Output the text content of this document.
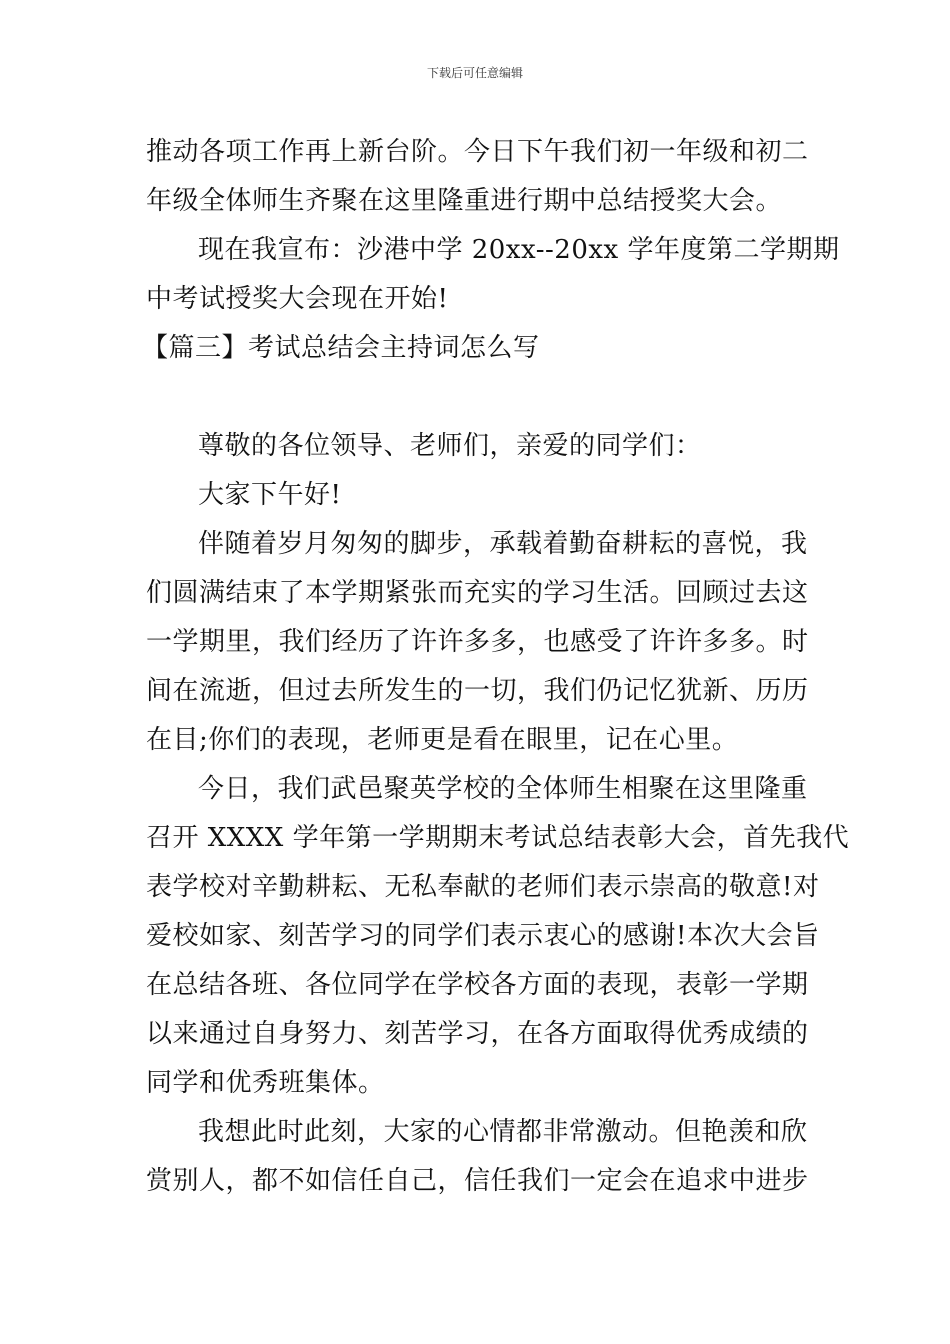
下载后可任意编辑
推动各项工作再上新台阶。今日下午我们初一年级和初二
年级全体师生齐聚在这里隆重进行期中总结授奖大会。
现在我宣布：沙港中学 20xx--20xx 学年度第二学期期
中考试授奖大会现在开始!
【篇三】考试总结会主持词怎么写
尊敬的各位领导、老师们，亲爱的同学们：
大家下午好!
伴随着岁月匆匆的脚步，承载着勤奋耕耘的喜悦，我
们圆满结束了本学期紧张而充实的学习生活。回顾过去这
一学期里，我们经历了许许多多，也感受了许许多多。时
间在流逝，但过去所发生的一切，我们仍记忆犹新、历历
在目;你们的表现，老师更是看在眼里，记在心里。
今日，我们武邑聚英学校的全体师生相聚在这里隆重
召开 XXXX 学年第一学期期末考试总结表彰大会，首先我代
表学校对辛勤耕耘、无私奉献的老师们表示崇高的敬意!对
爱校如家、刻苦学习的同学们表示衷心的感谢!本次大会旨
在总结各班、各位同学在学校各方面的表现，表彰一学期
以来通过自身努力、刻苦学习，在各方面取得优秀成绩的
同学和优秀班集体。
我想此时此刻，大家的心情都非常激动。但艳羡和欣
赏别人，都不如信任自己，信任我们一定会在追求中进步
